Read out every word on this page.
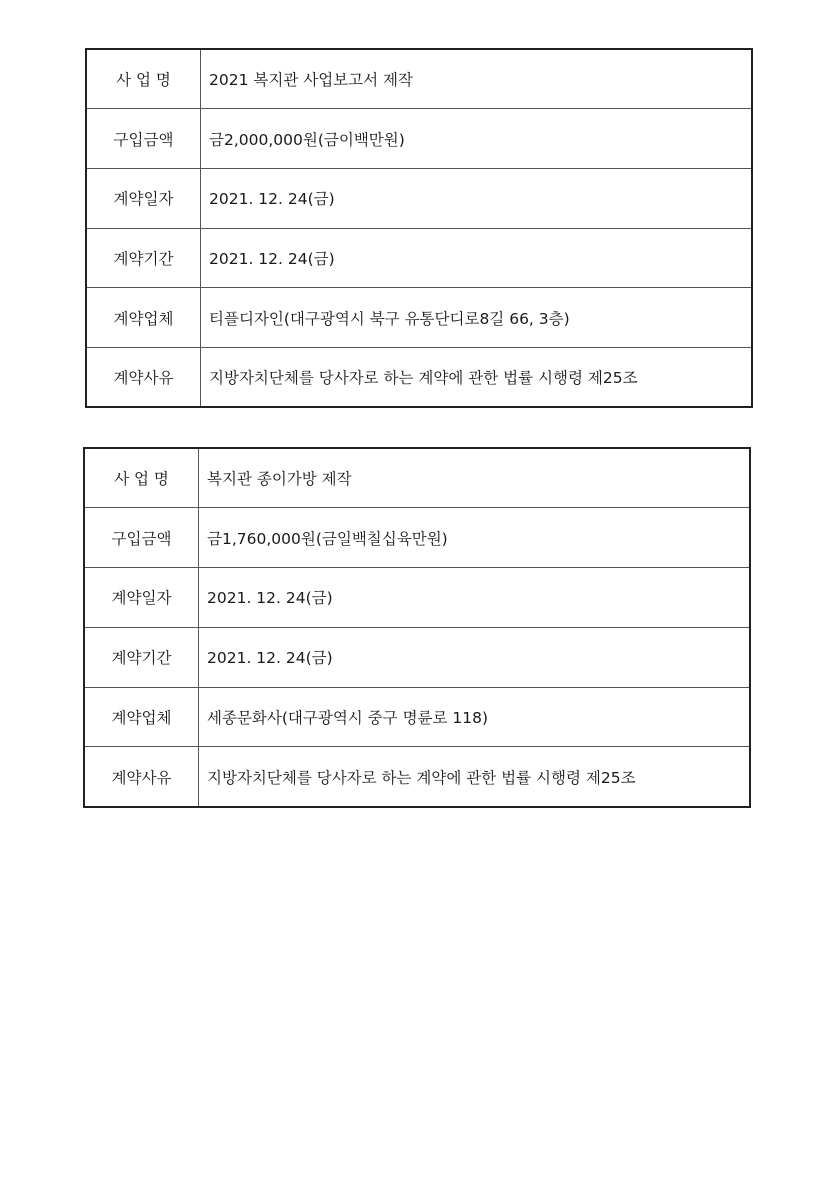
사 업 명	2021 복지관 사업보고서 제작
구입금액	금2,000,000원(금이백만원)
계약일자	2021. 12. 24(금)
계약기간	2021. 12. 24(금)
계약업체	티플디자인(대구광역시 북구 유통단디로8길 66, 3층)
계약사유	지방자치단체를 당사자로 하는 계약에 관한 법률 시행령 제25조
사 업 명	복지관 종이가방 제작
구입금액	금1,760,000원(금일백칠십육만원)
계약일자	2021. 12. 24(금)
계약기간	2021. 12. 24(금)
계약업체	세종문화사(대구광역시 중구 명륜로 118)
계약사유	지방자치단체를 당사자로 하는 계약에 관한 법률 시행령 제25조
